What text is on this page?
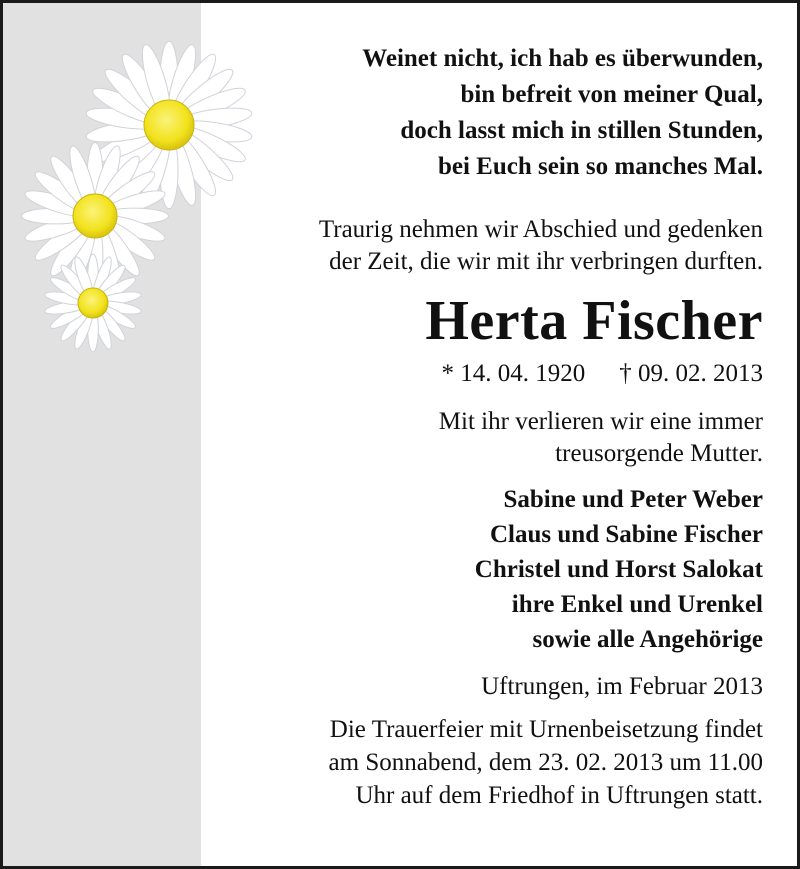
Weinet nicht, ich hab es überwunden,
bin befreit von meiner Qual,
doch lasst mich in stillen Stunden,
bei Euch sein so manches Mal.
Traurig nehmen wir Abschied und gedenken
der Zeit, die wir mit ihr verbringen durften.
Herta Fischer
* 14. 04. 1920 † 09. 02. 2013
Mit ihr verlieren wir eine immer
treusorgende Mutter.
Sabine und Peter Weber
Claus und Sabine Fischer
Christel und Horst Salokat
ihre Enkel und Urenkel
sowie alle Angehörige
Uftrungen, im Februar 2013
Die Trauerfeier mit Urnenbeisetzung findet
am Sonnabend, dem 23. 02. 2013 um 11.00
Uhr auf dem Friedhof in Uftrungen statt.
